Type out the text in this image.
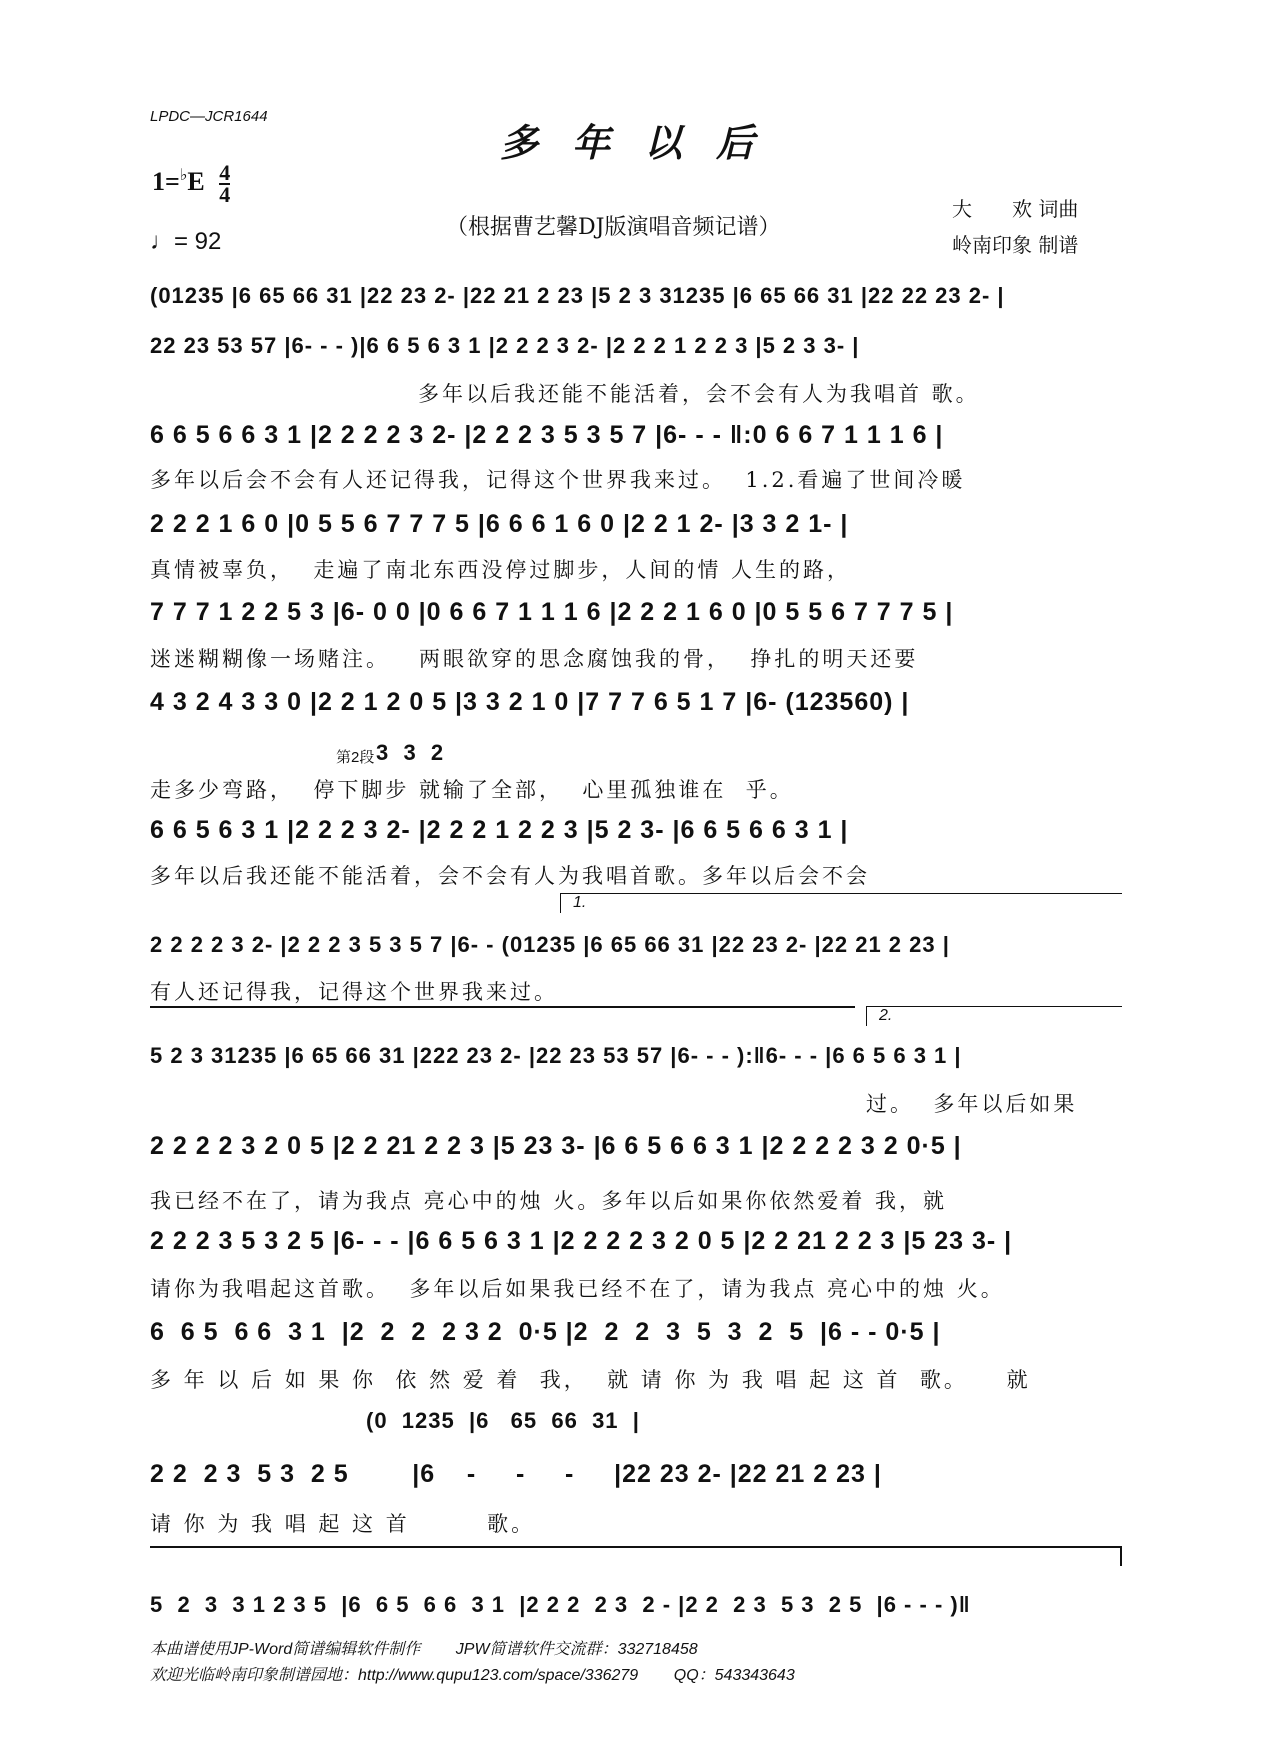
LPDC—JCR1644
多年以后
$1=^♭E \frac{4}{4}$
♩= 92
（根据曹艺馨DJ版演唱音频记谱）
大　　欢 词曲
岭南印象 制谱
(01235 |6 65 66 31 |22 23 2- |22 21 2 23 |5 2 3 31235 |6 65 66 31 |22 22 23 2- |
22 23 53 57 |6- - - )|6 6 5 6 3 1 |2 2 2 3 2- |2 2 2 1 2 2 3 |5 2 3 3- |
多年以后我还能不能活着，会不会有人为我唱首 歌。
6 6 5 6 6 3 1 |2 2 2 2 3 2- |2 2 2 3 5 3 5 7 |6- - - ‖:0 6 6 7 1 1 1 6 |
多年以后会不会有人还记得我，记得这个世界我来过。  1.2.看遍了世间冷暖
2 2 2 1 6 0 |0 5 5 6 7 7 7 5 |6 6 6 1 6 0 |2 2 1 2- |3 3 2 1- |
真情被辜负，  走遍了南北东西没停过脚步，人间的情 人生的路，
7 7 7 1 2 2 5 3 |6- 0 0 |0 6 6 7 1 1 1 6 |2 2 2 1 6 0 |0 5 5 6 7 7 7 5 |
迷迷糊糊像一场赌注。   两眼欲穿的思念腐蚀我的骨，  挣扎的明天还要
4 3 2 4 3 3 0 |2 2 1 2 0 5 |3 3 2 1 0 |7 7 7 6 5 1 7 |6- (123560) |
第2段 3  3  2
走多少弯路，  停下脚步 就输了全部，  心里孤独谁在  乎。
6 6 5 6 3 1 |2 2 2 3 2- |2 2 2 1 2 2 3 |5 2 3- |6 6 5 6 6 3 1 |
多年以后我还能不能活着，会不会有人为我唱首歌。多年以后会不会
1.
2 2 2 2 3 2- |2 2 2 3 5 3 5 7 |6- - (01235 |6 65 66 31 |22 23 2- |22 21 2 23 |
有人还记得我，记得这个世界我来过。
2.
5 2 3 31235 |6 65 66 31 |222 23 2- |22 23 53 57 |6- - - ):‖6- - - |6 6 5 6 3 1 |
过。  多年以后如果
2 2 2 2 3 2 0 5 |2 2 21 2 2 3 |5 23 3- |6 6 5 6 6 3 1 |2 2 2 2 3 2 0·5 |
我已经不在了，请为我点 亮心中的烛 火。多年以后如果你依然爱着 我，就
2 2 2 3 5 3 2 5 |6- - - |6 6 5 6 3 1 |2 2 2 2 3 2 0 5 |2 2 21 2 2 3 |5 23 3- |
请你为我唱起这首歌。  多年以后如果我已经不在了，请为我点 亮心中的烛 火。
6  6 5  6 6  3 1  |2  2  2  2 3 2  0·5 |2  2  2  3  5  3  2  5  |6 - - 0·5 |
多 年 以 后 如 果 你  依 然 爱 着  我，  就 请 你 为 我 唱 起 这 首  歌。    就
(0  1235  |6   65  66  31  |
2 2  2 3  5 3  2 5        |6    -     -     -     |22 23 2- |22 21 2 23 |
请 你 为 我 唱 起 这 首        歌。
5  2  3  3 1 2 3 5  |6  6 5  6 6  3 1  |2 2 2  2 3  2 - |2 2  2 3  5 3  2 5  |6 - - - )‖
本曲谱使用JP-Word简谱编辑软件制作        JPW简谱软件交流群：332718458
欢迎光临岭南印象制谱园地：http://www.qupu123.com/space/336279        QQ：543343643
